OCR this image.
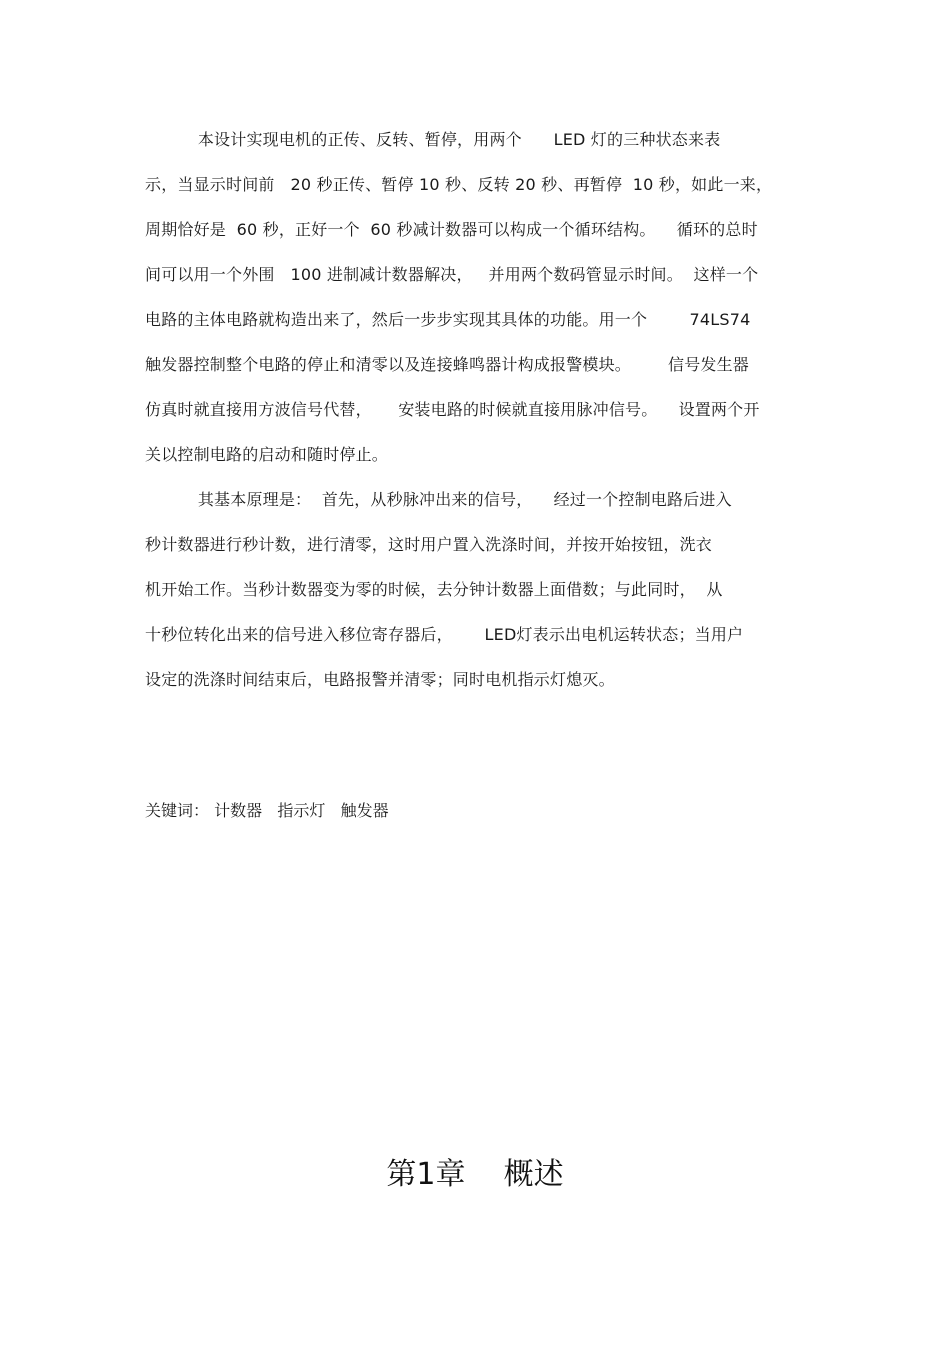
本设计实现电机的正传、反转、暂停，用两个      LED 灯的三种状态来表
示，当显示时间前   20 秒正传、暂停 10 秒、反转 20 秒、再暂停  10 秒，如此一来，
周期恰好是  60 秒，正好一个  60 秒减计数器可以构成一个循环结构。    循环的总时
间可以用一个外围   100 进制减计数器解决，   并用两个数码管显示时间。  这样一个
电路的主体电路就构造出来了，然后一步步实现其具体的功能。用一个        74LS74
触发器控制整个电路的停止和清零以及连接蜂鸣器计构成报警模块。       信号发生器
仿真时就直接用方波信号代替，     安装电路的时候就直接用脉冲信号。    设置两个开
关以控制电路的启动和随时停止。
其基本原理是：  首先，从秒脉冲出来的信号，    经过一个控制电路后进入
秒计数器进行秒计数，进行清零，这时用户置入洗涤时间，并按开始按钮，洗衣
机开始工作。当秒计数器变为零的时候，去分钟计数器上面借数；与此同时，  从
十秒位转化出来的信号进入移位寄存器后，      LED灯表示出电机运转状态；当用户
设定的洗涤时间结束后，电路报警并清零；同时电机指示灯熄灭。
关键词： 计数器   指示灯   触发器
第1章    概述
